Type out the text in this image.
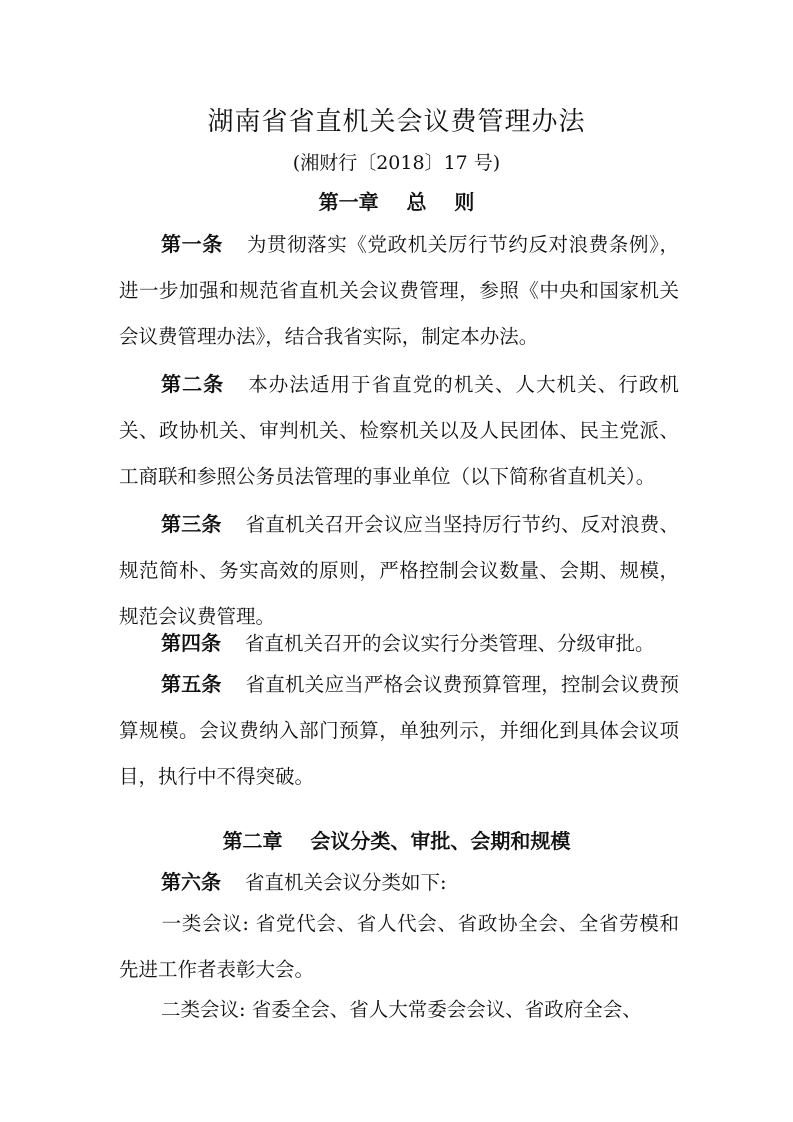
湖南省省直机关会议费管理办法
(湘财行〔2018〕17 号)
第一章    总    则
第一条 为贯彻落实《党政机关厉行节约反对浪费条例》，进一步加强和规范省直机关会议费管理，参照《中央和国家机关会议费管理办法》，结合我省实际，制定本办法。
第二条 本办法适用于省直党的机关、人大机关、行政机关、政协机关、审判机关、检察机关以及人民团体、民主党派、工商联和参照公务员法管理的事业单位（以下简称省直机关）。
第三条 省直机关召开会议应当坚持厉行节约、反对浪费、规范简朴、务实高效的原则，严格控制会议数量、会期、规模，规范会议费管理。
第四条 省直机关召开的会议实行分类管理、分级审批。
第五条 省直机关应当严格会议费预算管理，控制会议费预算规模。会议费纳入部门预算，单独列示，并细化到具体会议项目，执行中不得突破。
第二章    会议分类、审批、会期和规模
第六条 省直机关会议分类如下:
一类会议: 省党代会、省人代会、省政协全会、全省劳模和先进工作者表彰大会。
二类会议: 省委全会、省人大常委会会议、省政府全会、
